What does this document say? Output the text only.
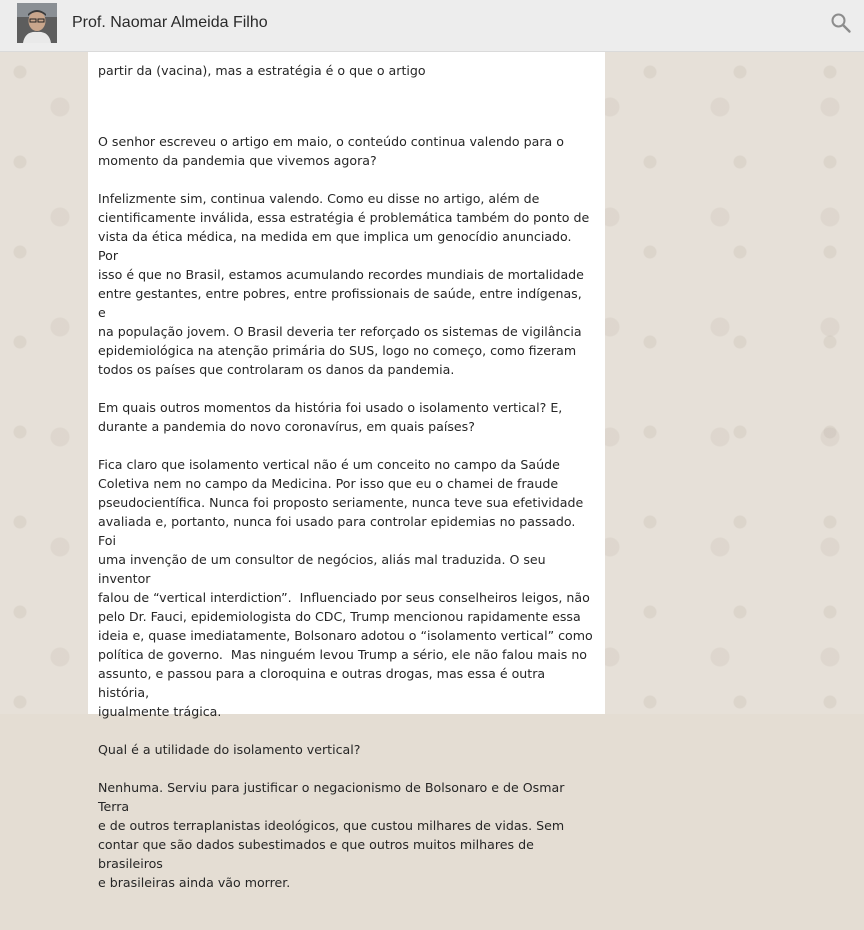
Prof. Naomar Almeida Filho

partir da (vacina), mas a estratégia é o que o artigo

O senhor escreveu o artigo em maio, o conteúdo continua valendo para o
momento da pandemia que vivemos agora?

Infelizmente sim, continua valendo. Como eu disse no artigo, além de
cientificamente inválida, essa estratégia é problemática também do ponto de
vista da ética médica, na medida em que implica um genocídio anunciado. Por
isso é que no Brasil, estamos acumulando recordes mundiais de mortalidade
entre gestantes, entre pobres, entre profissionais de saúde, entre indígenas, e
na população jovem. O Brasil deveria ter reforçado os sistemas de vigilância
epidemiológica na atenção primária do SUS, logo no começo, como fizeram
todos os países que controlaram os danos da pandemia.

Em quais outros momentos da história foi usado o isolamento vertical? E,
durante a pandemia do novo coronavírus, em quais países?

Fica claro que isolamento vertical não é um conceito no campo da Saúde
Coletiva nem no campo da Medicina. Por isso que eu o chamei de fraude
pseudocientífica. Nunca foi proposto seriamente, nunca teve sua efetividade
avaliada e, portanto, nunca foi usado para controlar epidemias no passado. Foi
uma invenção de um consultor de negócios, aliás mal traduzida. O seu inventor
falou de “vertical interdiction”.  Influenciado por seus conselheiros leigos, não
pelo Dr. Fauci, epidemiologista do CDC, Trump mencionou rapidamente essa
ideia e, quase imediatamente, Bolsonaro adotou o “isolamento vertical” como
política de governo.  Mas ninguém levou Trump a sério, ele não falou mais no
assunto, e passou para a cloroquina e outras drogas, mas essa é outra história,
igualmente trágica.

Qual é a utilidade do isolamento vertical?

Nenhuma. Serviu para justificar o negacionismo de Bolsonaro e de Osmar Terra
e de outros terraplanistas ideológicos, que custou milhares de vidas. Sem
contar que são dados subestimados e que outros muitos milhares de brasileiros
e brasileiras ainda vão morrer.
